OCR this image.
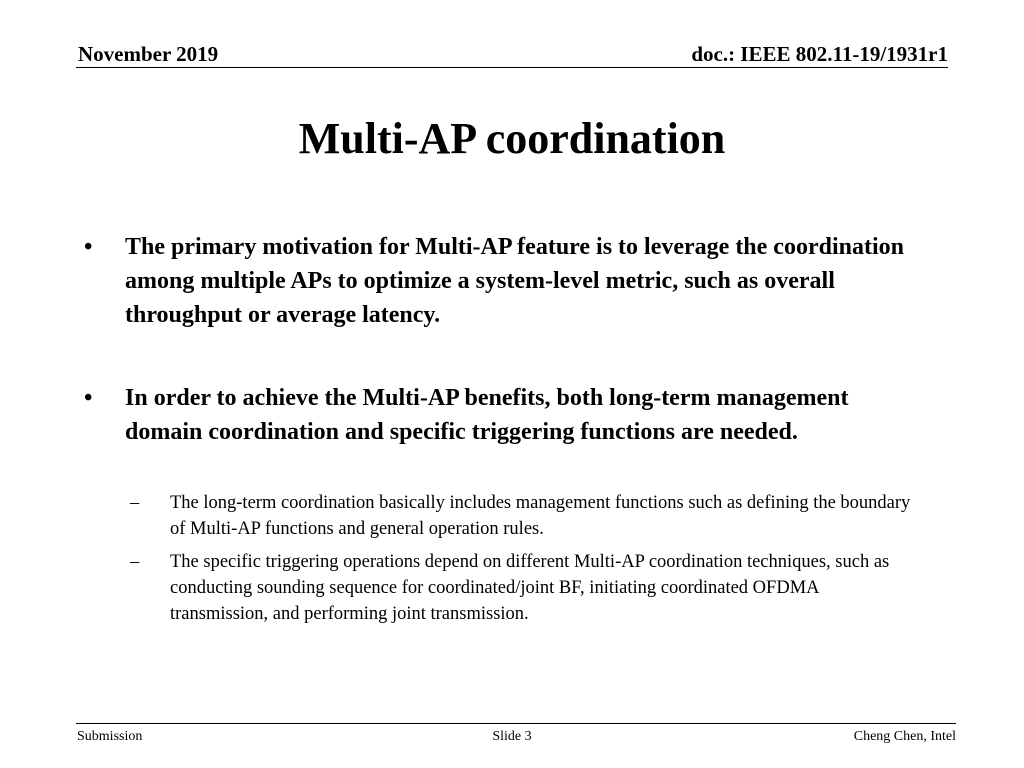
November 2019	doc.: IEEE 802.11-19/1931r1
Multi-AP coordination
• The primary motivation for Multi-AP feature is to leverage the coordination among multiple APs to optimize a system-level metric, such as overall throughput or average latency.
• In order to achieve the Multi-AP benefits, both long-term management domain coordination and specific triggering functions are needed.
– The long-term coordination basically includes management functions such as defining the boundary of Multi-AP functions and general operation rules.
– The specific triggering operations depend on different Multi-AP coordination techniques, such as conducting sounding sequence for coordinated/joint BF, initiating coordinated OFDMA transmission, and performing joint transmission.
Submission	Slide 3	Cheng Chen, Intel
